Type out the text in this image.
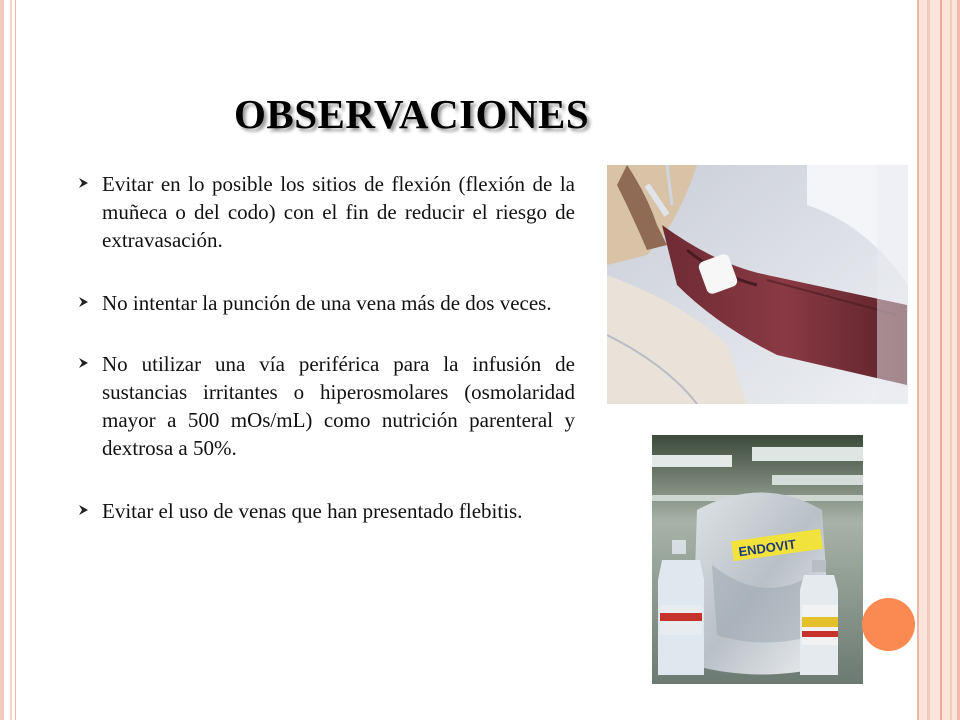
OBSERVACIONES
Evitar en lo posible los sitios de flexión (flexión de la muñeca o del codo) con el fin de reducir el riesgo de extravasación.
No intentar la punción de una vena más de dos veces.
No utilizar una vía periférica para la infusión de sustancias irritantes o hiperosmolares (osmolaridad mayor a 500 mOs/mL) como nutrición parenteral y dextrosa a 50%.
Evitar el uso de venas que han presentado flebitis.
ENDOVIT
